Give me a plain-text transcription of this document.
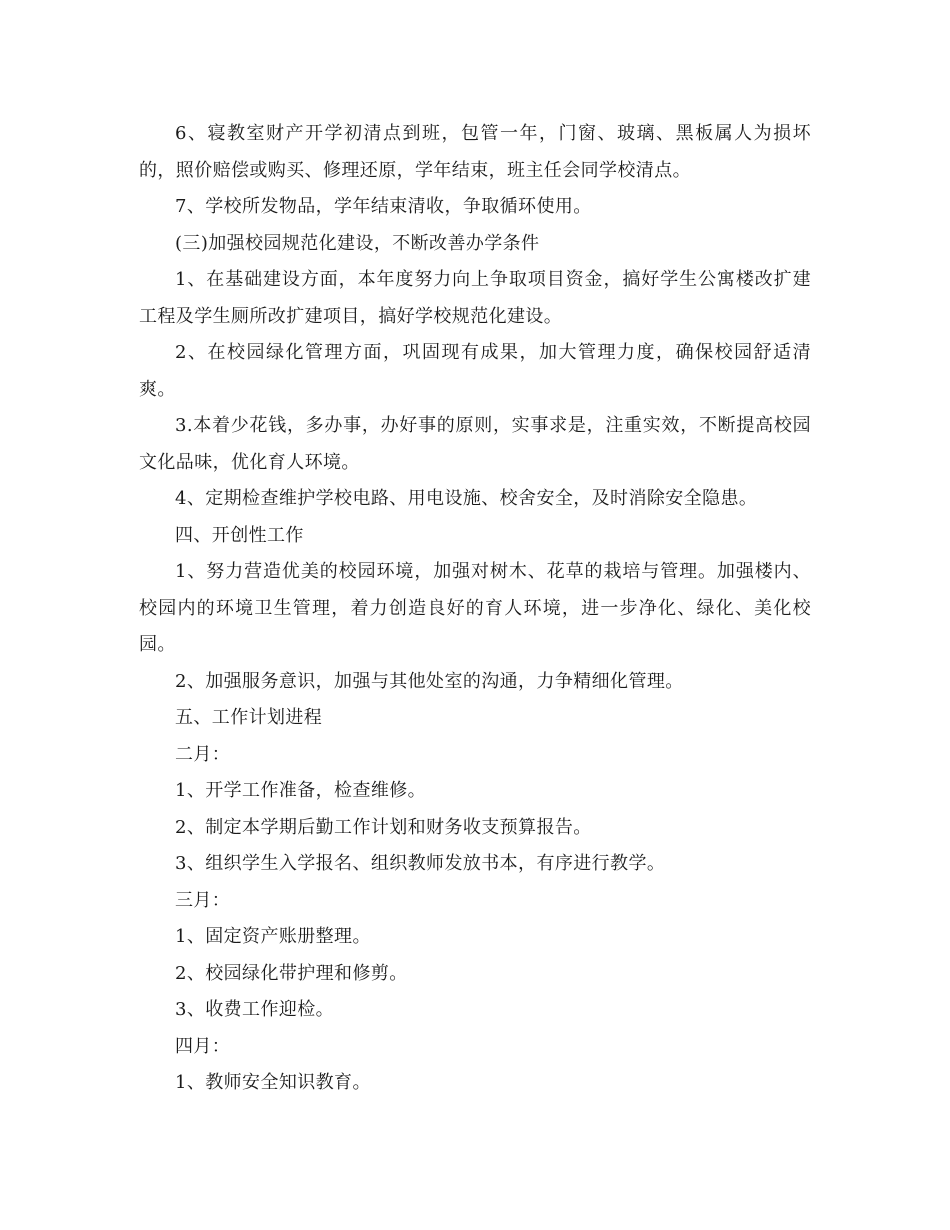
6、寝教室财产开学初清点到班，包管一年，门窗、玻璃、黑板属人为损坏的，照价赔偿或购买、修理还原，学年结束，班主任会同学校清点。

7、学校所发物品，学年结束清收，争取循环使用。

(三)加强校园规范化建设，不断改善办学条件

1、在基础建设方面，本年度努力向上争取项目资金，搞好学生公寓楼改扩建工程及学生厕所改扩建项目，搞好学校规范化建设。

2、在校园绿化管理方面，巩固现有成果，加大管理力度，确保校园舒适清爽。

3.本着少花钱，多办事，办好事的原则，实事求是，注重实效，不断提高校园文化品味，优化育人环境。

4、定期检查维护学校电路、用电设施、校舍安全，及时消除安全隐患。

四、开创性工作

1、努力营造优美的校园环境，加强对树木、花草的栽培与管理。加强楼内、校园内的环境卫生管理，着力创造良好的育人环境，进一步净化、绿化、美化校园。

2、加强服务意识，加强与其他处室的沟通，力争精细化管理。

五、工作计划进程

二月：

1、开学工作准备，检查维修。

2、制定本学期后勤工作计划和财务收支预算报告。

3、组织学生入学报名、组织教师发放书本，有序进行教学。

三月：

1、固定资产账册整理。

2、校园绿化带护理和修剪。

3、收费工作迎检。

四月：

1、教师安全知识教育。
